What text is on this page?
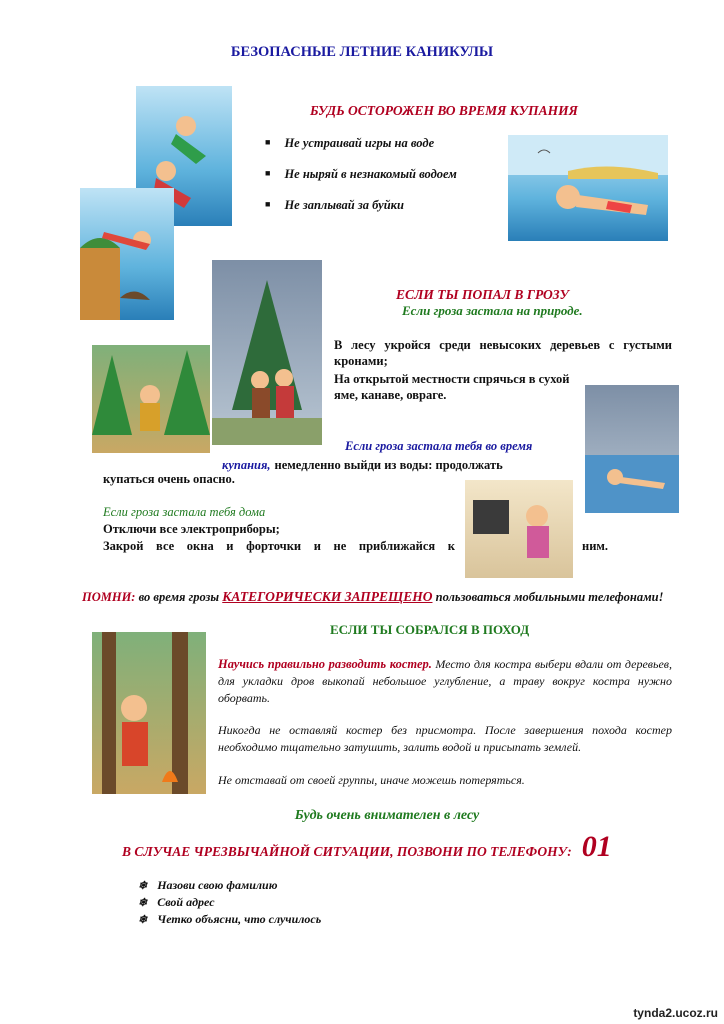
БЕЗОПАСНЫЕ ЛЕТНИЕ КАНИКУЛЫ
БУДЬ ОСТОРОЖЕН ВО ВРЕМЯ КУПАНИЯ
■ Не устраивай игры на воде
■ Не ныряй в незнакомый водоем
■ Не заплывай за буйки
ЕСЛИ ТЫ ПОПАЛ В ГРОЗУ
Если гроза застала на природе.
В лесу укройся среди невысоких деревьев с густыми кронами;
На открытой местности спрячься в сухой яме, канаве, овраге.
Если гроза застала тебя во время
купания, немедленно выйди из воды: продолжать
купаться очень опасно.
Если гроза застала тебя дома
Отключи все электроприборы;
Закрой все окна и форточки и не приближайся к	ним.
ПОМНИ: во время грозы КАТЕГОРИЧЕСКИ ЗАПРЕЩЕНО пользоваться мобильными телефонами!
ЕСЛИ ТЫ СОБРАЛСЯ В ПОХОД
Научись правильно разводить костер. Место для костра выбери вдали от деревьев, для укладки дров выкопай небольшое углубление, а траву вокруг костра нужно оборвать.
Никогда не оставляй костер без присмотра. После завершения похода костер необходимо тщательно затушить, залить водой и присыпать землей.
Не отставай от своей группы, иначе можешь потеряться.
Будь очень внимателен в лесу
В СЛУЧАЕ ЧРЕЗВЫЧАЙНОЙ СИТУАЦИИ, ПОЗВОНИ ПО ТЕЛЕФОНУ: 01
❄ Назови свою фамилию
❄ Свой адрес
❄ Четко объясни, что случилось
tynda2.ucoz.ru
